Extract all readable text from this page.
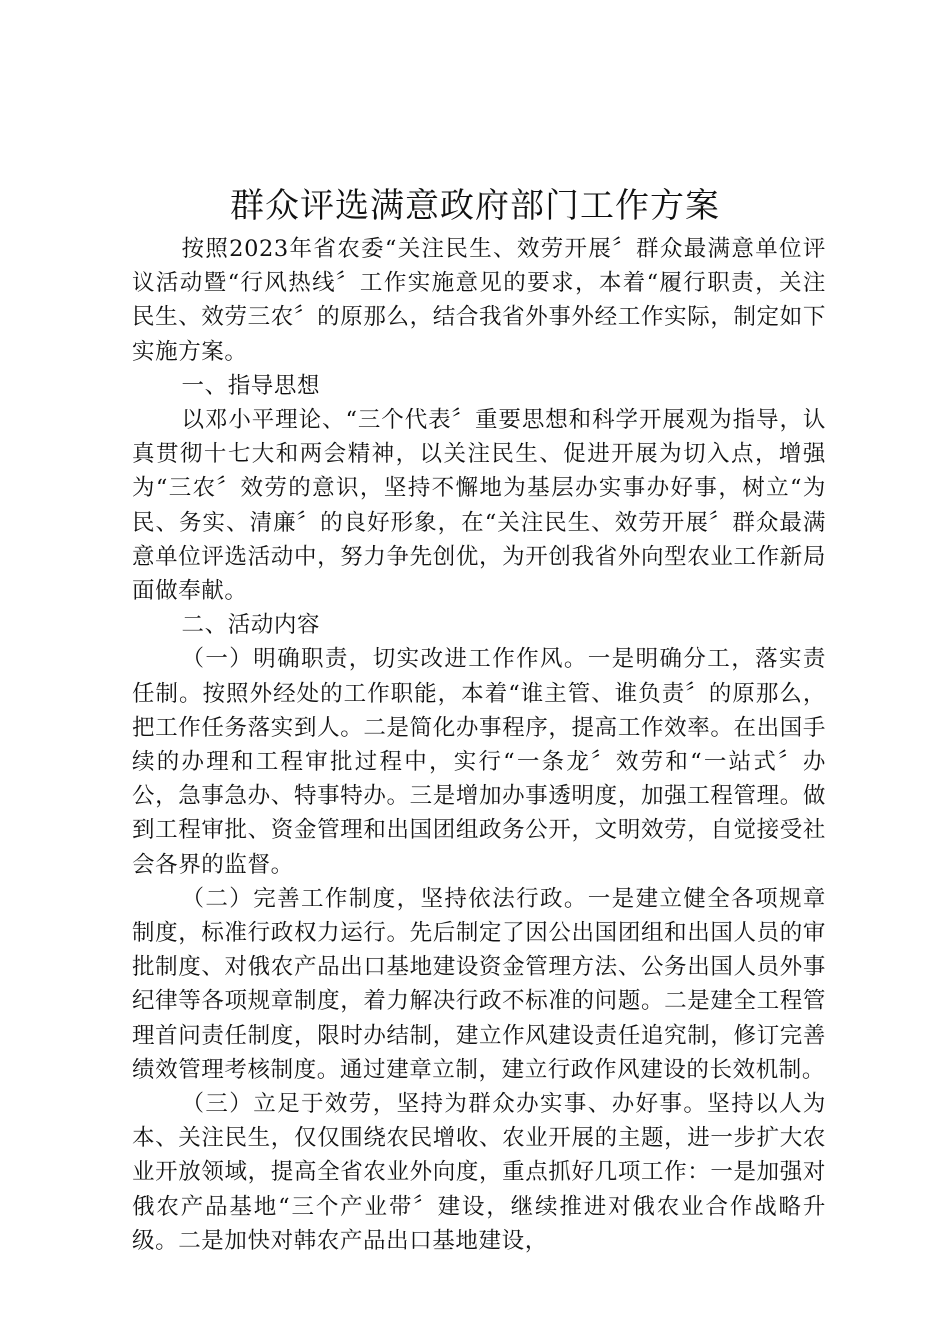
群众评选满意政府部门工作方案

按照2023年省农委“关注民生、效劳开展〞群众最满意单位评议活动暨“行风热线〞工作实施意见的要求，本着“履行职责，关注民生、效劳三农〞的原那么，结合我省外事外经工作实际，制定如下实施方案。

一、指导思想

以邓小平理论、“三个代表〞重要思想和科学开展观为指导，认真贯彻十七大和两会精神，以关注民生、促进开展为切入点，增强为“三农〞效劳的意识，坚持不懈地为基层办实事办好事，树立“为民、务实、清廉〞的良好形象，在“关注民生、效劳开展〞群众最满意单位评选活动中，努力争先创优，为开创我省外向型农业工作新局面做奉献。

二、活动内容

（一）明确职责，切实改进工作作风。一是明确分工，落实责任制。按照外经处的工作职能，本着“谁主管、谁负责〞的原那么，把工作任务落实到人。二是简化办事程序，提高工作效率。在出国手续的办理和工程审批过程中，实行“一条龙〞效劳和“一站式〞办公，急事急办、特事特办。三是增加办事透明度，加强工程管理。做到工程审批、资金管理和出国团组政务公开，文明效劳，自觉接受社会各界的监督。

（二）完善工作制度，坚持依法行政。一是建立健全各项规章制度，标准行政权力运行。先后制定了因公出国团组和出国人员的审批制度、对俄农产品出口基地建设资金管理方法、公务出国人员外事纪律等各项规章制度，着力解决行政不标准的问题。二是建全工程管理首问责任制度，限时办结制，建立作风建设责任追究制，修订完善绩效管理考核制度。通过建章立制，建立行政作风建设的长效机制。

（三）立足于效劳，坚持为群众办实事、办好事。坚持以人为本、关注民生，仅仅围绕农民增收、农业开展的主题，进一步扩大农业开放领域，提高全省农业外向度，重点抓好几项工作：一是加强对俄农产品基地“三个产业带〞建设，继续推进对俄农业合作战略升级。二是加快对韩农产品出口基地建设，
